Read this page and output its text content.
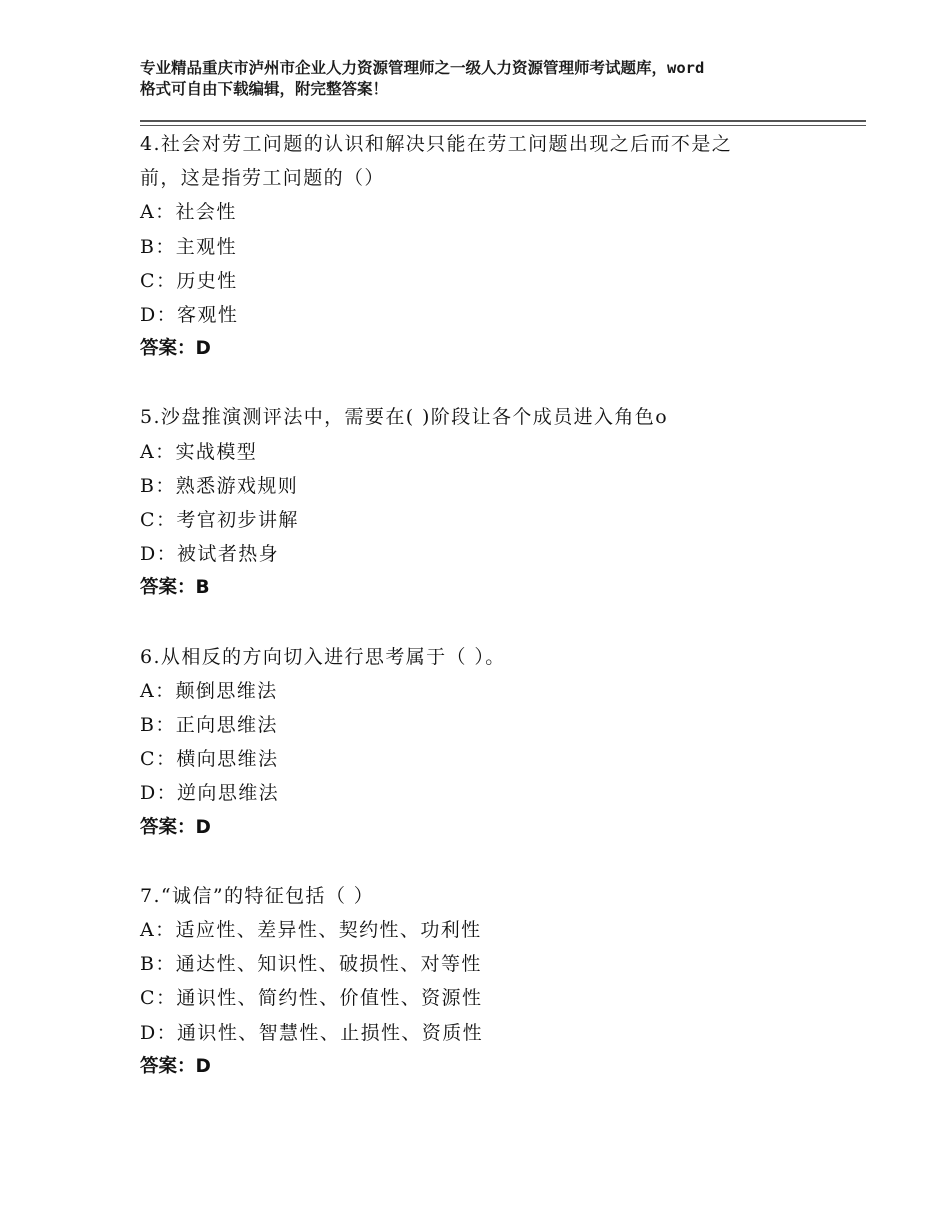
专业精品重庆市泸州市企业人力资源管理师之一级人力资源管理师考试题库，word
格式可自由下载编辑，附完整答案！
4.社会对劳工问题的认识和解决只能在劳工问题出现之后而不是之
前，这是指劳工问题的（）
A：社会性
B：主观性
C：历史性
D：客观性
答案：D
5.沙盘推演测评法中，需要在( )阶段让各个成员进入角色o
A：实战模型
B：熟悉游戏规则
C：考官初步讲解
D：被试者热身
答案：B
6.从相反的方向切入进行思考属于（ ）。
A：颠倒思维法
B：正向思维法
C：横向思维法
D：逆向思维法
答案：D
7.“诚信”的特征包括（ ）
A：适应性、差异性、契约性、功利性
B：通达性、知识性、破损性、对等性
C：通识性、简约性、价值性、资源性
D：通识性、智慧性、止损性、资质性
答案：D
